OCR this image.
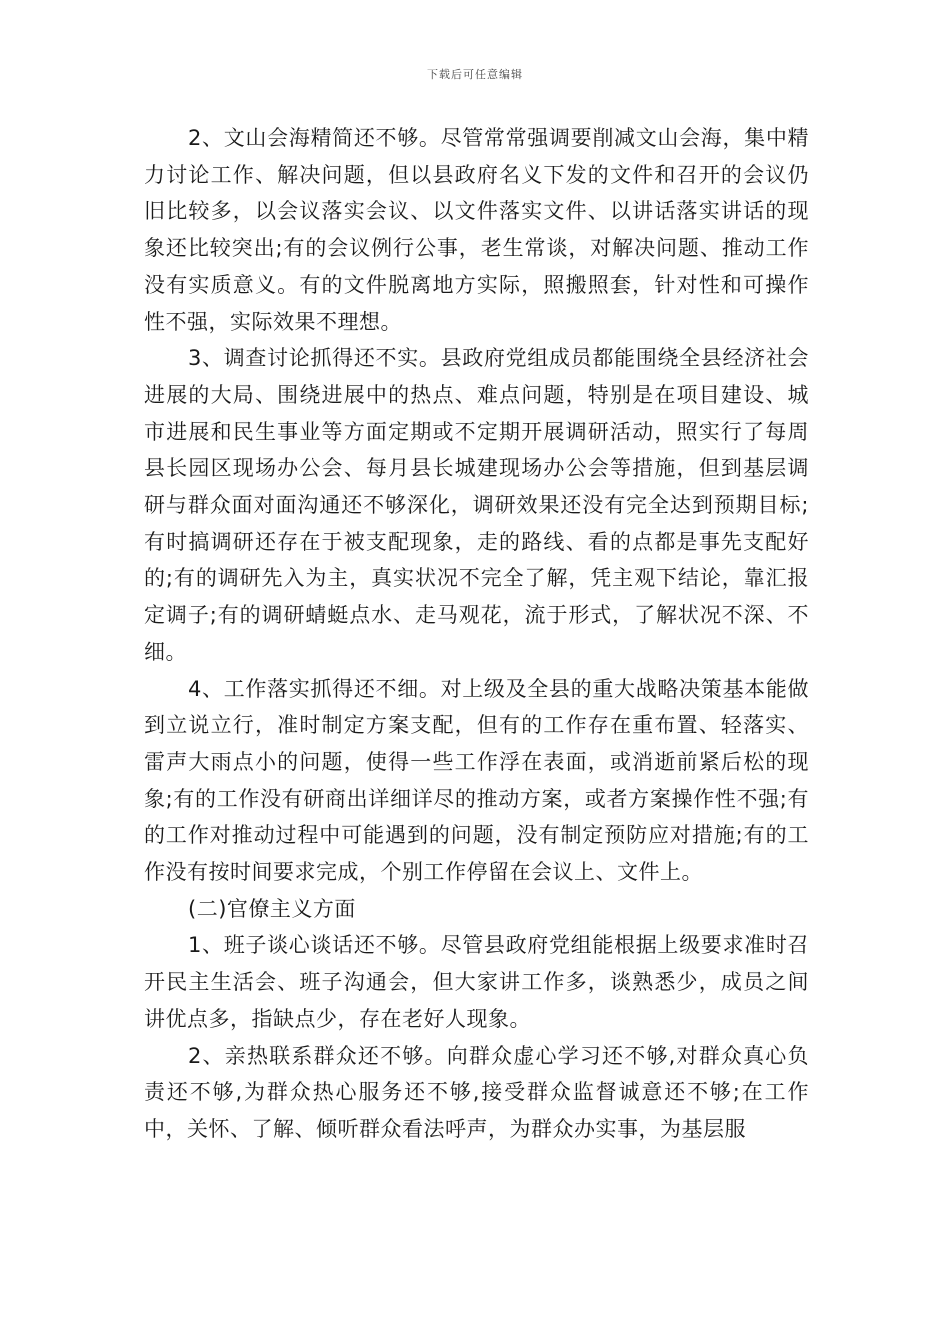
下载后可任意编辑

2、文山会海精简还不够。尽管常常强调要削减文山会海，集中精力讨论工作、解决问题，但以县政府名义下发的文件和召开的会议仍旧比较多，以会议落实会议、以文件落实文件、以讲话落实讲话的现象还比较突出;有的会议例行公事，老生常谈，对解决问题、推动工作没有实质意义。有的文件脱离地方实际，照搬照套，针对性和可操作性不强，实际效果不理想。

3、调查讨论抓得还不实。县政府党组成员都能围绕全县经济社会进展的大局、围绕进展中的热点、难点问题，特别是在项目建设、城市进展和民生事业等方面定期或不定期开展调研活动，照实行了每周县长园区现场办公会、每月县长城建现场办公会等措施，但到基层调研与群众面对面沟通还不够深化，调研效果还没有完全达到预期目标;有时搞调研还存在于被支配现象，走的路线、看的点都是事先支配好的;有的调研先入为主，真实状况不完全了解，凭主观下结论，靠汇报定调子;有的调研蜻蜓点水、走马观花，流于形式，了解状况不深、不细。

4、工作落实抓得还不细。对上级及全县的重大战略决策基本能做到立说立行，准时制定方案支配，但有的工作存在重布置、轻落实、雷声大雨点小的问题，使得一些工作浮在表面，或消逝前紧后松的现象;有的工作没有研商出详细详尽的推动方案，或者方案操作性不强;有的工作对推动过程中可能遇到的问题，没有制定预防应对措施;有的工作没有按时间要求完成，个别工作停留在会议上、文件上。

(二)官僚主义方面

1、班子谈心谈话还不够。尽管县政府党组能根据上级要求准时召开民主生活会、班子沟通会，但大家讲工作多，谈熟悉少，成员之间讲优点多，指缺点少，存在老好人现象。

2、亲热联系群众还不够。向群众虚心学习还不够,对群众真心负责还不够,为群众热心服务还不够,接受群众监督诚意还不够;在工作中，关怀、了解、倾听群众看法呼声，为群众办实事，为基层服
